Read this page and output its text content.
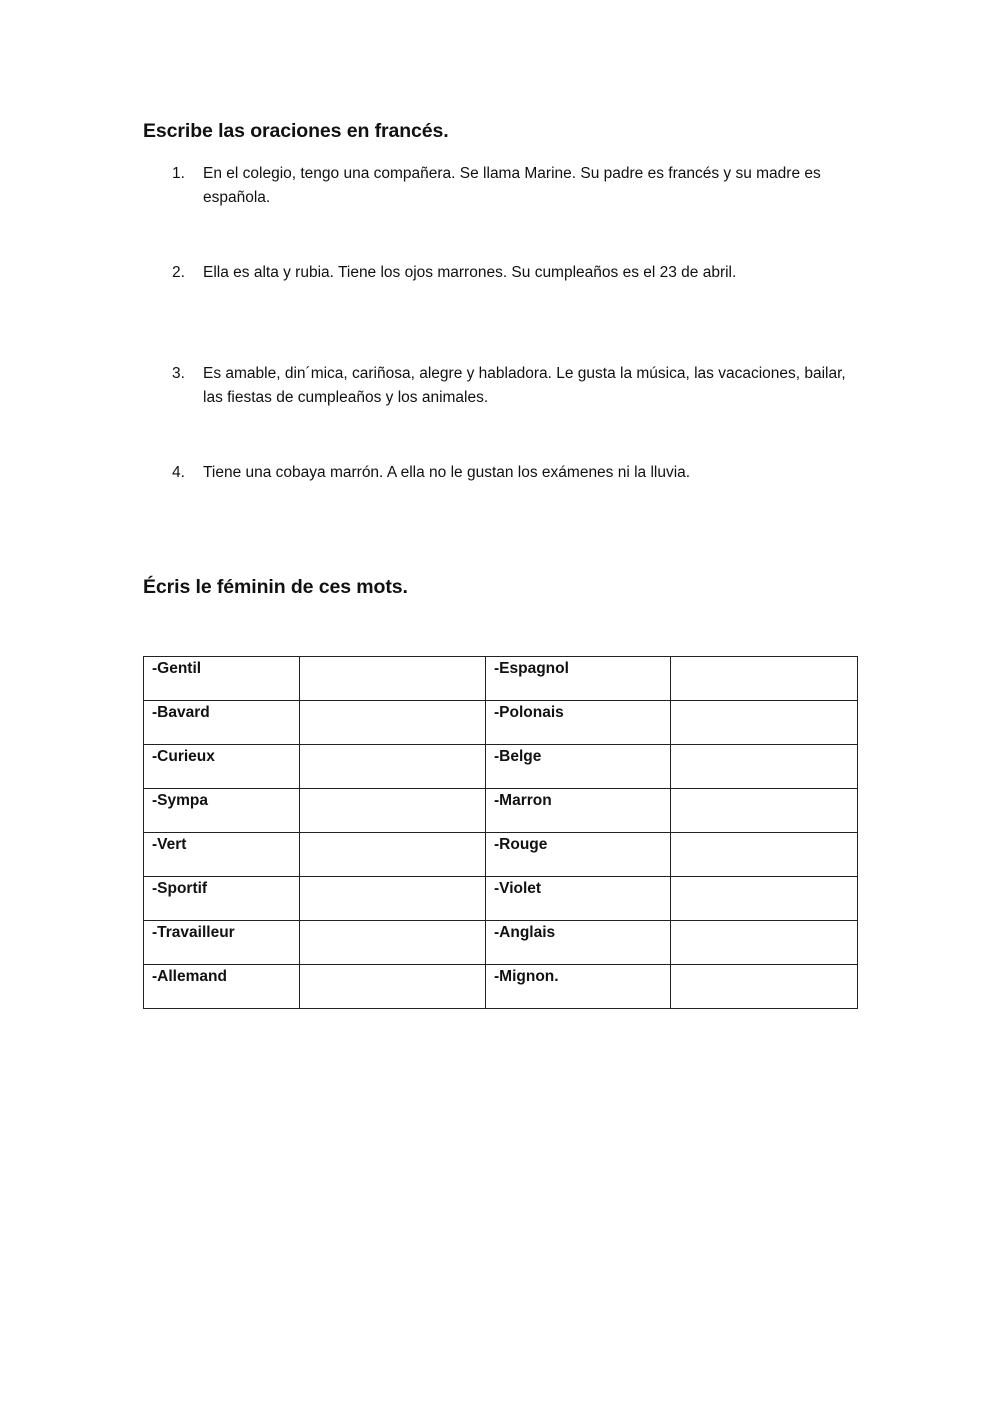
Escribe las oraciones en francés.
1.	En el colegio, tengo una compañera. Se llama Marine. Su padre es francés y su madre es española.
2.	Ella es alta y rubia. Tiene los ojos marrones. Su cumpleaños es el 23 de abril.
3.	Es amable, din´mica, cariñosa, alegre y habladora. Le gusta la música, las vacaciones, bailar, las fiestas de cumpleaños y los animales.
4.	Tiene una cobaya marrón. A ella no le gustan los exámenes ni la lluvia.
Écris le féminin de ces mots.
-Gentil		-Espagnol	
-Bavard		-Polonais	
-Curieux		-Belge	
-Sympa		-Marron	
-Vert		-Rouge	
-Sportif		-Violet	
-Travailleur		-Anglais	
-Allemand		-Mignon.	
